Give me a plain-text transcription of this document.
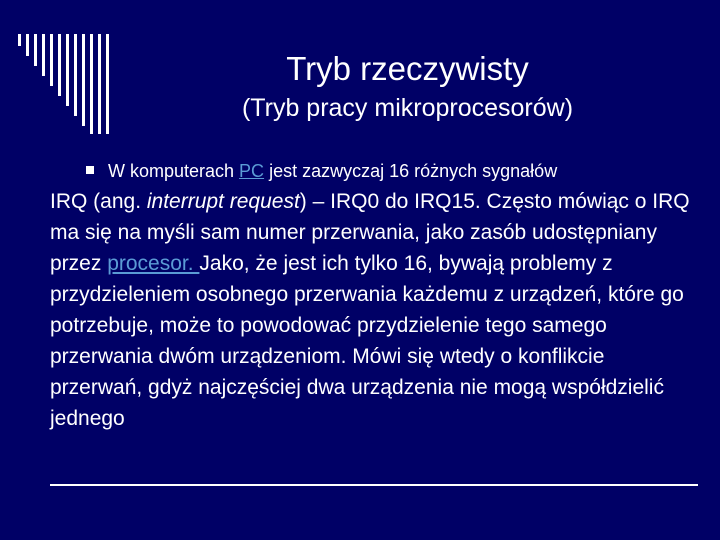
Tryb rzeczywisty
(Tryb pracy mikroprocesorów)
W komputerach PC jest zazwyczaj 16 różnych sygnałów
IRQ (ang. interrupt request) – IRQ0 do IRQ15. Często mówiąc o IRQ ma się na myśli sam numer przerwania, jako zasób udostępniany przez procesor. Jako, że jest ich tylko 16, bywają problemy z przydzieleniem osobnego przerwania każdemu z urządzeń, które go potrzebuje, może to powodować przydzielenie tego samego przerwania dwóm urządzeniom. Mówi się wtedy o konflikcie przerwań, gdyż najczęściej dwa urządzenia nie mogą współdzielić jednego
